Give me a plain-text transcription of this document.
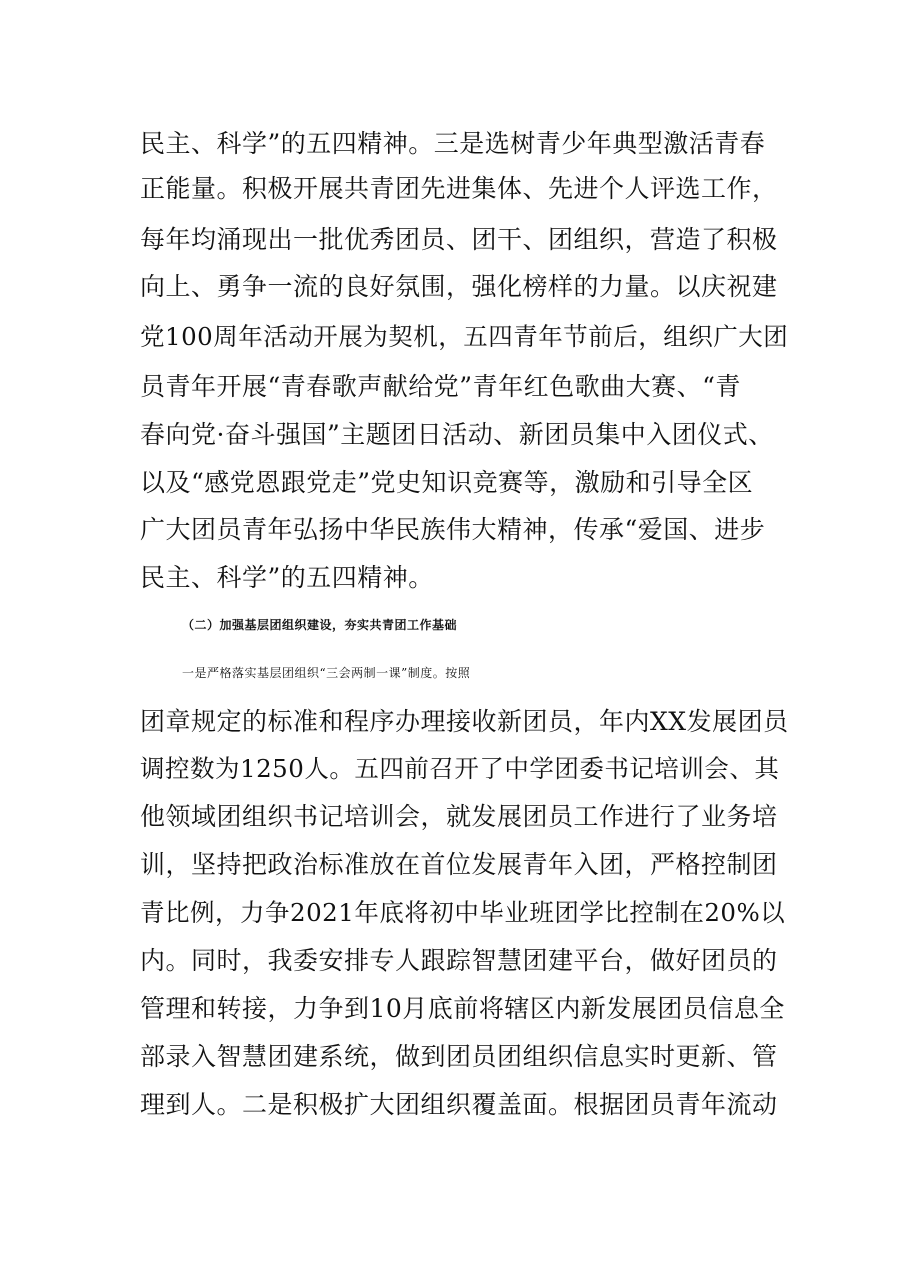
民主、科学”的五四精神。三是选树青少年典型激活青春
正能量。积极开展共青团先进集体、先进个人评选工作，
每年均涌现出一批优秀团员、团干、团组织，营造了积极
向上、勇争一流的良好氛围，强化榜样的力量。以庆祝建
党100周年活动开展为契机，五四青年节前后，组织广大团
员青年开展“青春歌声献给党”青年红色歌曲大赛、“青
春向党·奋斗强国”主题团日活动、新团员集中入团仪式、
以及“感党恩跟党走”党史知识竞赛等，激励和引导全区
广大团员青年弘扬中华民族伟大精神，传承“爱国、进步
民主、科学”的五四精神。
（二）加强基层团组织建设，夯实共青团工作基础
一是严格落实基层团组织“三会两制一课”制度。按照
团章规定的标准和程序办理接收新团员，年内XX发展团员
调控数为1250人。五四前召开了中学团委书记培训会、其
他领域团组织书记培训会，就发展团员工作进行了业务培
训，坚持把政治标准放在首位发展青年入团，严格控制团
青比例，力争2021年底将初中毕业班团学比控制在20%以
内。同时，我委安排专人跟踪智慧团建平台，做好团员的
管理和转接，力争到10月底前将辖区内新发展团员信息全
部录入智慧团建系统，做到团员团组织信息实时更新、管
理到人。二是积极扩大团组织覆盖面。根据团员青年流动
